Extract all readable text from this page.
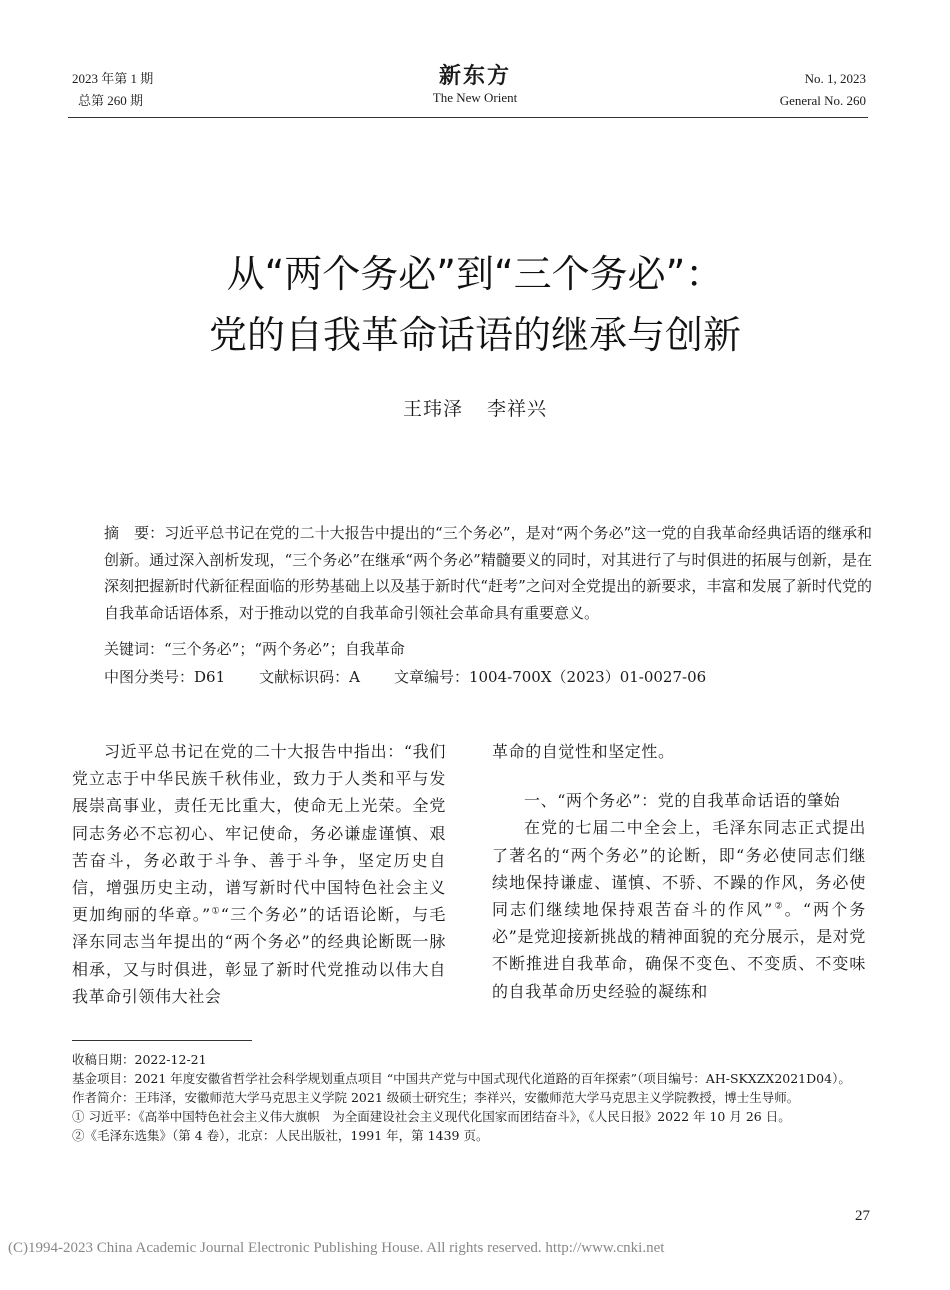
2023 年第 1 期
总第 260 期
新东方
The New Orient
No. 1, 2023
General No. 260
从“两个务必”到“三个务必”：
党的自我革命话语的继承与创新
王玮泽 李祥兴
摘　要：习近平总书记在党的二十大报告中提出的“三个务必”，是对“两个务必”这一党的自我革命经典话语的继承和创新。通过深入剖析发现，“三个务必”在继承“两个务必”精髓要义的同时，对其进行了与时俱进的拓展与创新，是在深刻把握新时代新征程面临的形势基础上以及基于新时代“赶考”之问对全党提出的新要求，丰富和发展了新时代党的自我革命话语体系，对于推动以党的自我革命引领社会革命具有重要意义。
关键词：“三个务必”；“两个务必”；自我革命
中图分类号：D61 文献标识码：A 文章编号：1004-700X（2023）01-0027-06
习近平总书记在党的二十大报告中指出：“我们党立志于中华民族千秋伟业，致力于人类和平与发展崇高事业，责任无比重大，使命无上光荣。全党同志务必不忘初心、牢记使命，务必谦虚谨慎、艰苦奋斗，务必敢于斗争、善于斗争，坚定历史自信，增强历史主动，谱写新时代中国特色社会主义更加绚丽的华章。”①“三个务必”的话语论断，与毛泽东同志当年提出的“两个务必”的经典论断既一脉相承，又与时俱进，彰显了新时代党推动以伟大自我革命引领伟大社会
革命的自觉性和坚定性。
一、“两个务必”：党的自我革命话语的肇始
在党的七届二中全会上，毛泽东同志正式提出了著名的“两个务必”的论断，即“务必使同志们继续地保持谦虚、谨慎、不骄、不躁的作风，务必使同志们继续地保持艰苦奋斗的作风”②。“两个务必”是党迎接新挑战的精神面貌的充分展示，是对党不断推进自我革命，确保不变色、不变质、不变味的自我革命历史经验的凝练和

收稿日期：2022-12-21

基金项目：2021 年度安徽省哲学社会科学规划重点项目 “中国共产党与中国式现代化道路的百年探索”（项目编号：AH-SKXZX2021D04）。

作者简介：王玮泽，安徽师范大学马克思主义学院 2021 级硕士研究生；李祥兴，安徽师范大学马克思主义学院教授，博士生导师。

① 习近平：《高举中国特色社会主义伟大旗帜　为全面建设社会主义现代化国家而团结奋斗》，《人民日报》2022 年 10 月 26 日。

②《毛泽东选集》（第 4 卷），北京：人民出版社，1991 年，第 1439 页。

27
(C)1994-2023 China Academic Journal Electronic Publishing House. All rights reserved. http://www.cnki.net
